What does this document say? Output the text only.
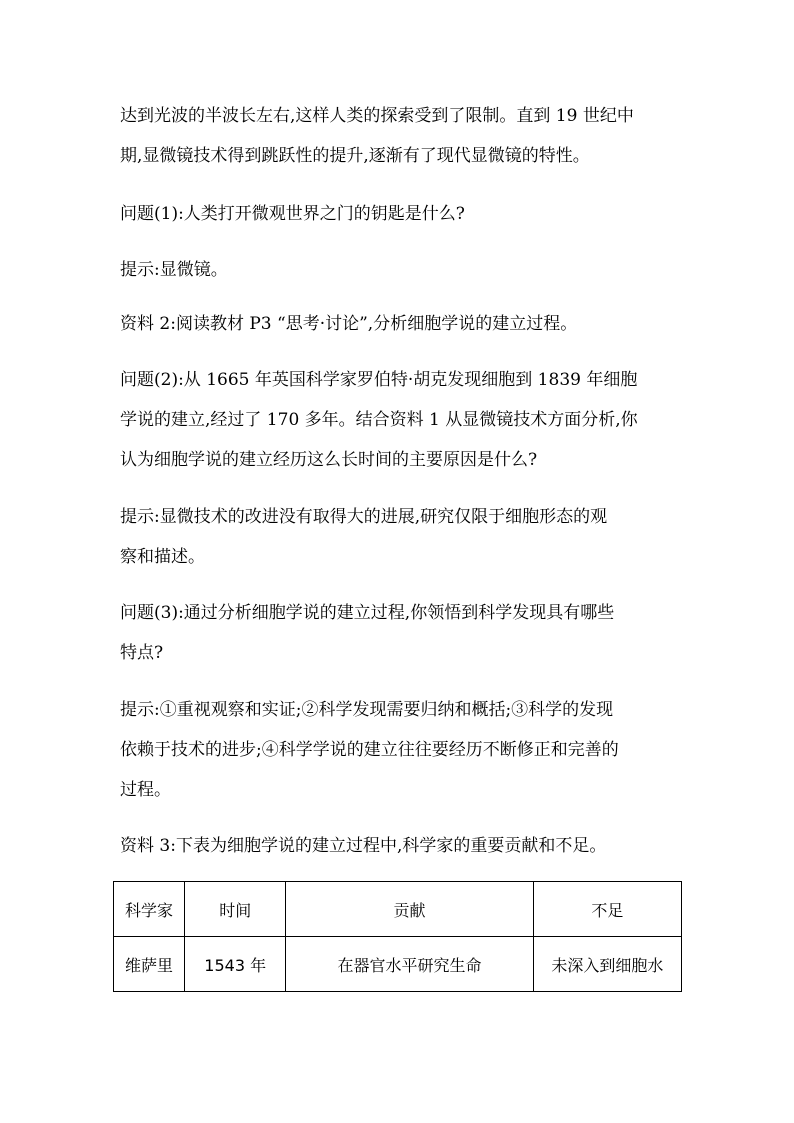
达到光波的半波长左右,这样人类的探索受到了限制。直到 19 世纪中
期,显微镜技术得到跳跃性的提升,逐渐有了现代显微镜的特性。

问题(1):人类打开微观世界之门的钥匙是什么?

提示:显微镜。

资料 2:阅读教材 P3 “思考·讨论”,分析细胞学说的建立过程。

问题(2):从 1665 年英国科学家罗伯特·胡克发现细胞到 1839 年细胞
学说的建立,经过了 170 多年。结合资料 1 从显微镜技术方面分析,你
认为细胞学说的建立经历这么长时间的主要原因是什么?

提示:显微技术的改进没有取得大的进展,研究仅限于细胞形态的观
察和描述。

问题(3):通过分析细胞学说的建立过程,你领悟到科学发现具有哪些
特点?

提示:①重视观察和实证;②科学发现需要归纳和概括;③科学的发现
依赖于技术的进步;④科学学说的建立往往要经历不断修正和完善的
过程。

资料 3:下表为细胞学说的建立过程中,科学家的重要贡献和不足。

科学家	时间	贡献	不足
维萨里	1543 年	在器官水平研究生命	未深入到细胞水
